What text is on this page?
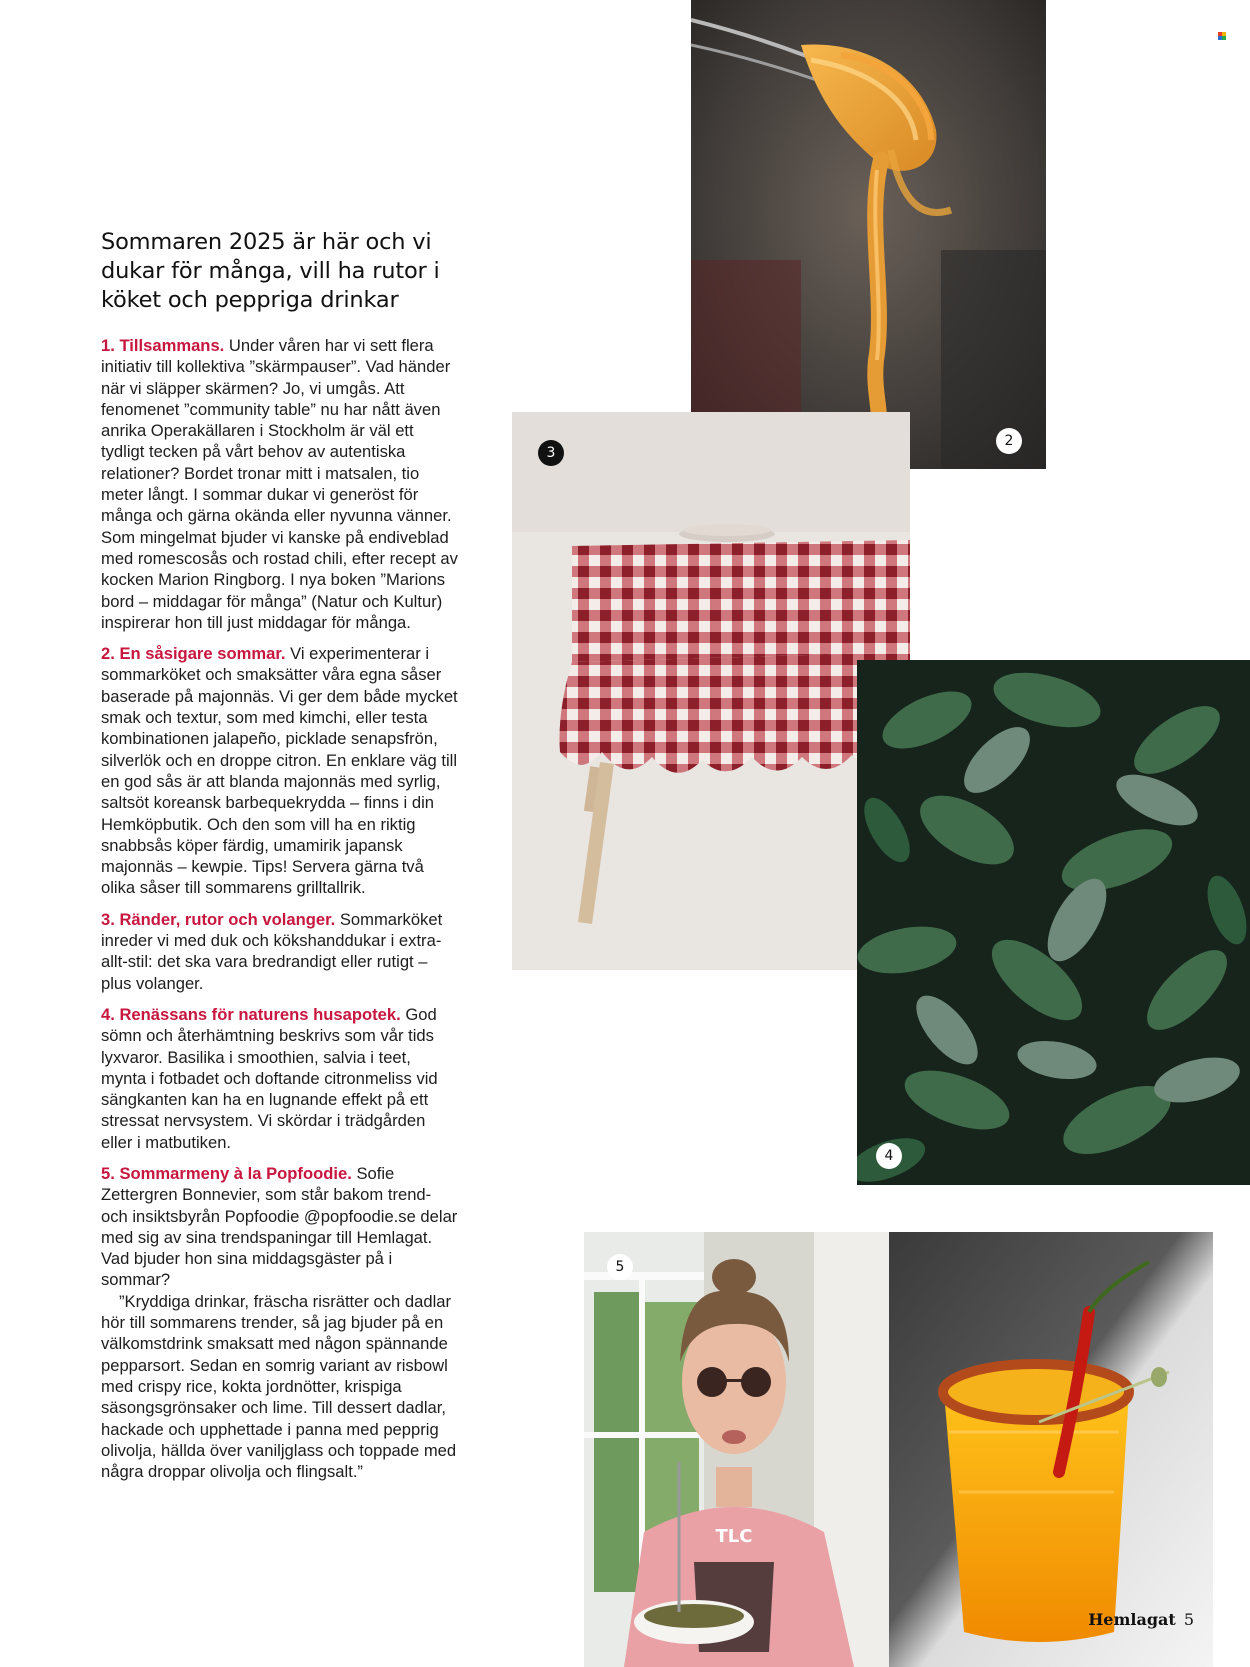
Sommaren 2025 är här och vi dukar för många, vill ha rutor i köket och peppriga drinkar

1. Tillsammans. Under våren har vi sett flera initiativ till kollektiva ”skärmpauser”. Vad händer när vi släpper skärmen? Jo, vi umgås. Att fenomenet ”community table” nu har nått även anrika Operakällaren i Stockholm är väl ett tydligt tecken på vårt behov av autentiska relationer? Bordet tronar mitt i matsalen, tio meter långt. I sommar dukar vi generöst för många och gärna okända eller nyvunna vänner. Som mingelmat bjuder vi kanske på endiveblad med romescosås och rostad chili, efter recept av kocken Marion Ringborg. I nya boken ”Marions bord – middagar för många” (Natur och Kultur) inspirerar hon till just middagar för många.

2. En såsigare sommar. Vi experimenterar i sommarköket och smaksätter våra egna såser baserade på majonnäs. Vi ger dem både mycket smak och textur, som med kimchi, eller testa kombinationen jalapeño, picklade senapsfrön, silverlök och en droppe citron. En enklare väg till en god sås är att blanda majonnäs med syrlig, saltsöt koreansk barbequekrydda – finns i din Hemköpbutik. Och den som vill ha en riktig snabbsås köper färdig, umamirik japansk majonnäs – kewpie. Tips! Servera gärna två olika såser till sommarens grilltallrik.

3. Ränder, rutor och volanger. Sommarköket inreder vi med duk och kökshanddukar i extra-allt-stil: det ska vara bredrandigt eller rutigt – plus volanger.

4. Renässans för naturens husapotek. God sömn och återhämtning beskrivs som vår tids lyxvaror. Basilika i smoothien, salvia i teet, mynta i fotbadet och doftande citronmeliss vid sängkanten kan ha en lugnande effekt på ett stressat nervsystem. Vi skördar i trädgården eller i matbutiken.

5. Sommarmeny à la Popfoodie. Sofie Zettergren Bonnevier, som står bakom trend- och insiktsbyrån Popfoodie @popfoodie.se delar med sig av sina trendspaningar till Hemlagat. Vad bjuder hon sina middagsgäster på i sommar?
”Kryddiga drinkar, fräscha risrätter och dadlar hör till sommarens trender, så jag bjuder på en välkomstdrink smaksatt med någon spännande pepparsort. Sedan en somrig variant av risbowl med crispy rice, kokta jordnötter, krispiga säsongsgrönsaker och lime. Till dessert dadlar, hackade och upphettade i panna med pepprig olivolja, hällda över vaniljglass och toppade med några droppar olivolja och flingsalt.”

2
3
4
TLC
5
Hemlagat 5
